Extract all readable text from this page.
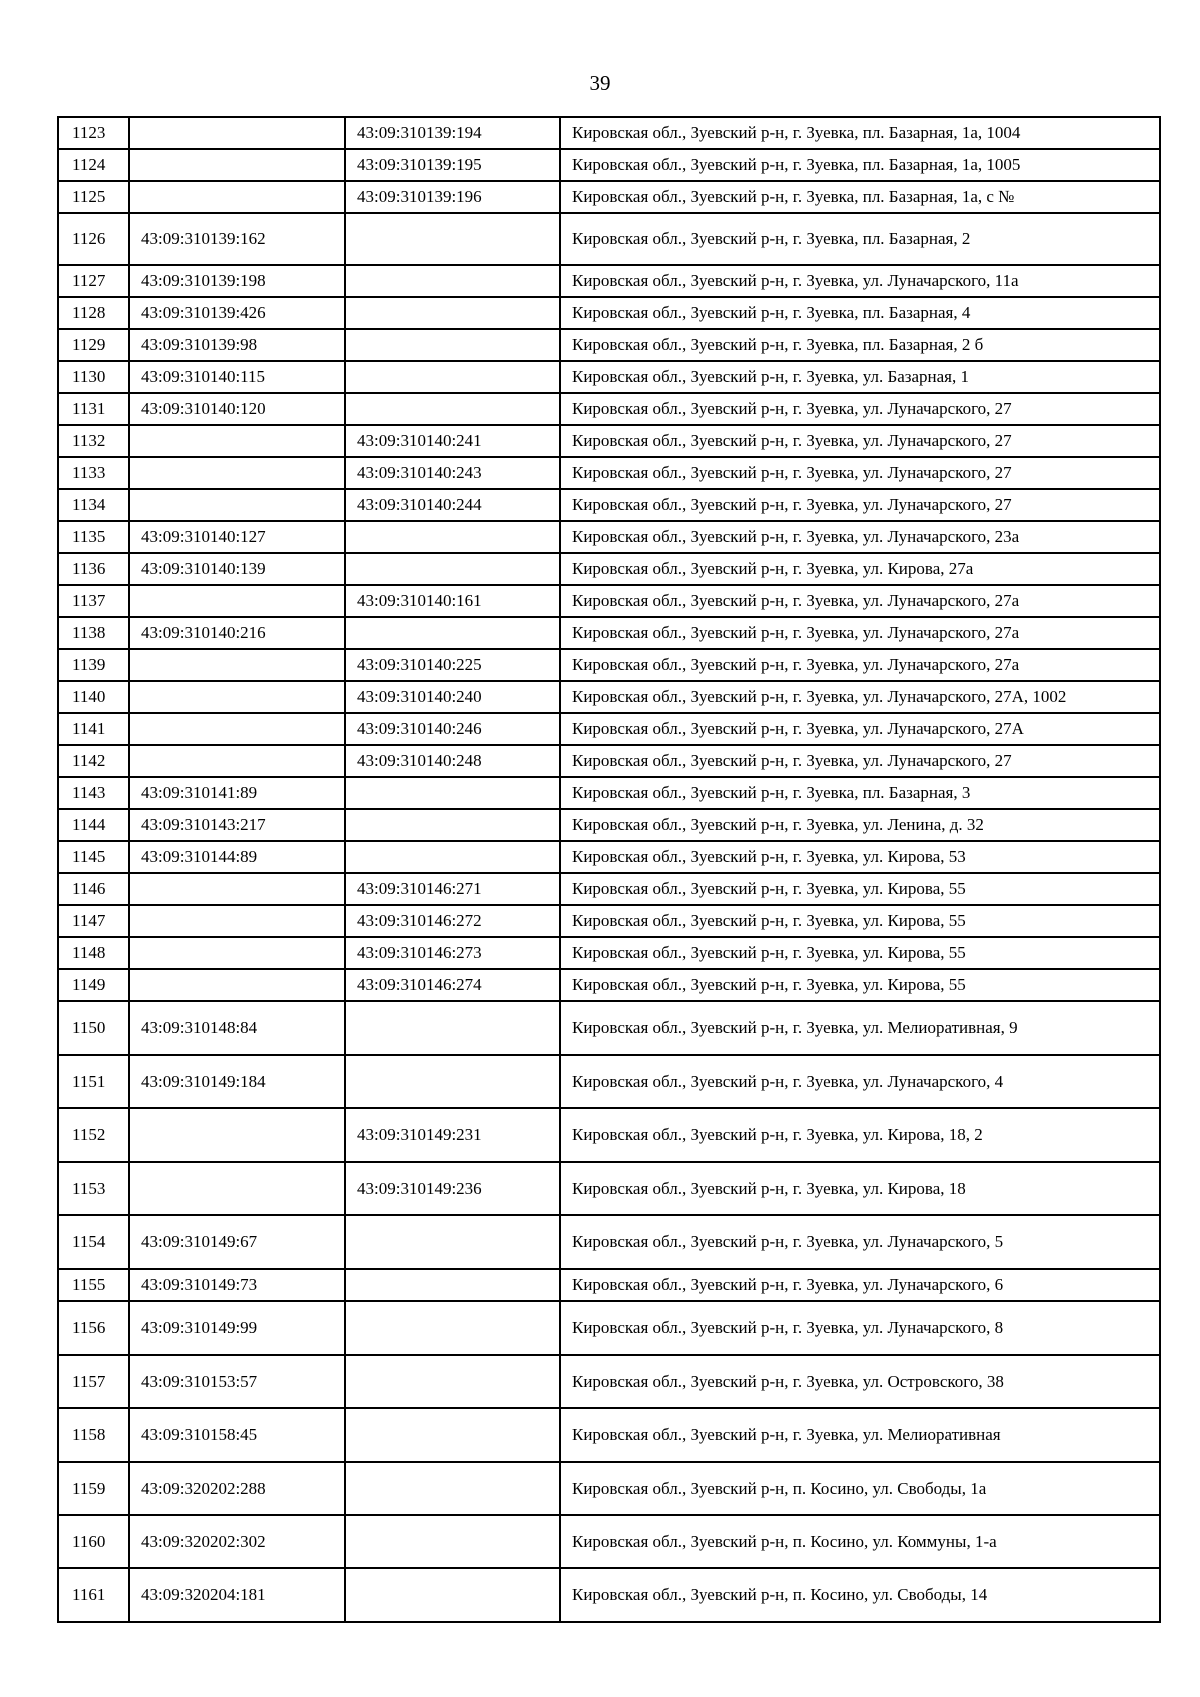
39
1123		43:09:310139:194	Кировская обл., Зуевский р-н, г. Зуевка, пл. Базарная, 1а, 1004
1124		43:09:310139:195	Кировская обл., Зуевский р-н, г. Зуевка, пл. Базарная, 1а, 1005
1125		43:09:310139:196	Кировская обл., Зуевский р-н, г. Зуевка, пл. Базарная, 1а, с №
1126	43:09:310139:162		Кировская обл., Зуевский р-н, г. Зуевка, пл. Базарная, 2
1127	43:09:310139:198		Кировская обл., Зуевский р-н, г. Зуевка, ул. Луначарского, 11а
1128	43:09:310139:426		Кировская обл., Зуевский р-н, г. Зуевка, пл. Базарная, 4
1129	43:09:310139:98		Кировская обл., Зуевский р-н, г. Зуевка, пл. Базарная, 2 б
1130	43:09:310140:115		Кировская обл., Зуевский р-н, г. Зуевка, ул. Базарная, 1
1131	43:09:310140:120		Кировская обл., Зуевский р-н, г. Зуевка, ул. Луначарского, 27
1132		43:09:310140:241	Кировская обл., Зуевский р-н, г. Зуевка, ул. Луначарского, 27
1133		43:09:310140:243	Кировская обл., Зуевский р-н, г. Зуевка, ул. Луначарского, 27
1134		43:09:310140:244	Кировская обл., Зуевский р-н, г. Зуевка, ул. Луначарского, 27
1135	43:09:310140:127		Кировская обл., Зуевский р-н, г. Зуевка, ул. Луначарского, 23а
1136	43:09:310140:139		Кировская обл., Зуевский р-н, г. Зуевка, ул. Кирова, 27а
1137		43:09:310140:161	Кировская обл., Зуевский р-н, г. Зуевка, ул. Луначарского, 27а
1138	43:09:310140:216		Кировская обл., Зуевский р-н, г. Зуевка, ул. Луначарского, 27а
1139		43:09:310140:225	Кировская обл., Зуевский р-н, г. Зуевка, ул. Луначарского, 27а
1140		43:09:310140:240	Кировская обл., Зуевский р-н, г. Зуевка, ул. Луначарского, 27А, 1002
1141		43:09:310140:246	Кировская обл., Зуевский р-н, г. Зуевка, ул. Луначарского, 27А
1142		43:09:310140:248	Кировская обл., Зуевский р-н, г. Зуевка, ул. Луначарского, 27
1143	43:09:310141:89		Кировская обл., Зуевский р-н, г. Зуевка, пл. Базарная, 3
1144	43:09:310143:217		Кировская обл., Зуевский р-н, г. Зуевка, ул. Ленина, д. 32
1145	43:09:310144:89		Кировская обл., Зуевский р-н, г. Зуевка, ул. Кирова, 53
1146		43:09:310146:271	Кировская обл., Зуевский р-н, г. Зуевка, ул. Кирова, 55
1147		43:09:310146:272	Кировская обл., Зуевский р-н, г. Зуевка, ул. Кирова, 55
1148		43:09:310146:273	Кировская обл., Зуевский р-н, г. Зуевка, ул. Кирова, 55
1149		43:09:310146:274	Кировская обл., Зуевский р-н, г. Зуевка, ул. Кирова, 55
1150	43:09:310148:84		Кировская обл., Зуевский р-н, г. Зуевка, ул. Мелиоративная, 9
1151	43:09:310149:184		Кировская обл., Зуевский р-н, г. Зуевка, ул. Луначарского, 4
1152		43:09:310149:231	Кировская обл., Зуевский р-н, г. Зуевка, ул. Кирова, 18, 2
1153		43:09:310149:236	Кировская обл., Зуевский р-н, г. Зуевка, ул. Кирова, 18
1154	43:09:310149:67		Кировская обл., Зуевский р-н, г. Зуевка, ул. Луначарского, 5
1155	43:09:310149:73		Кировская обл., Зуевский р-н, г. Зуевка, ул. Луначарского, 6
1156	43:09:310149:99		Кировская обл., Зуевский р-н, г. Зуевка, ул. Луначарского, 8
1157	43:09:310153:57		Кировская обл., Зуевский р-н, г. Зуевка, ул. Островского, 38
1158	43:09:310158:45		Кировская обл., Зуевский р-н, г. Зуевка, ул. Мелиоративная
1159	43:09:320202:288		Кировская обл., Зуевский р-н, п. Косино, ул. Свободы, 1а
1160	43:09:320202:302		Кировская обл., Зуевский р-н, п. Косино, ул. Коммуны, 1-а
1161	43:09:320204:181		Кировская обл., Зуевский р-н, п. Косино, ул. Свободы, 14
